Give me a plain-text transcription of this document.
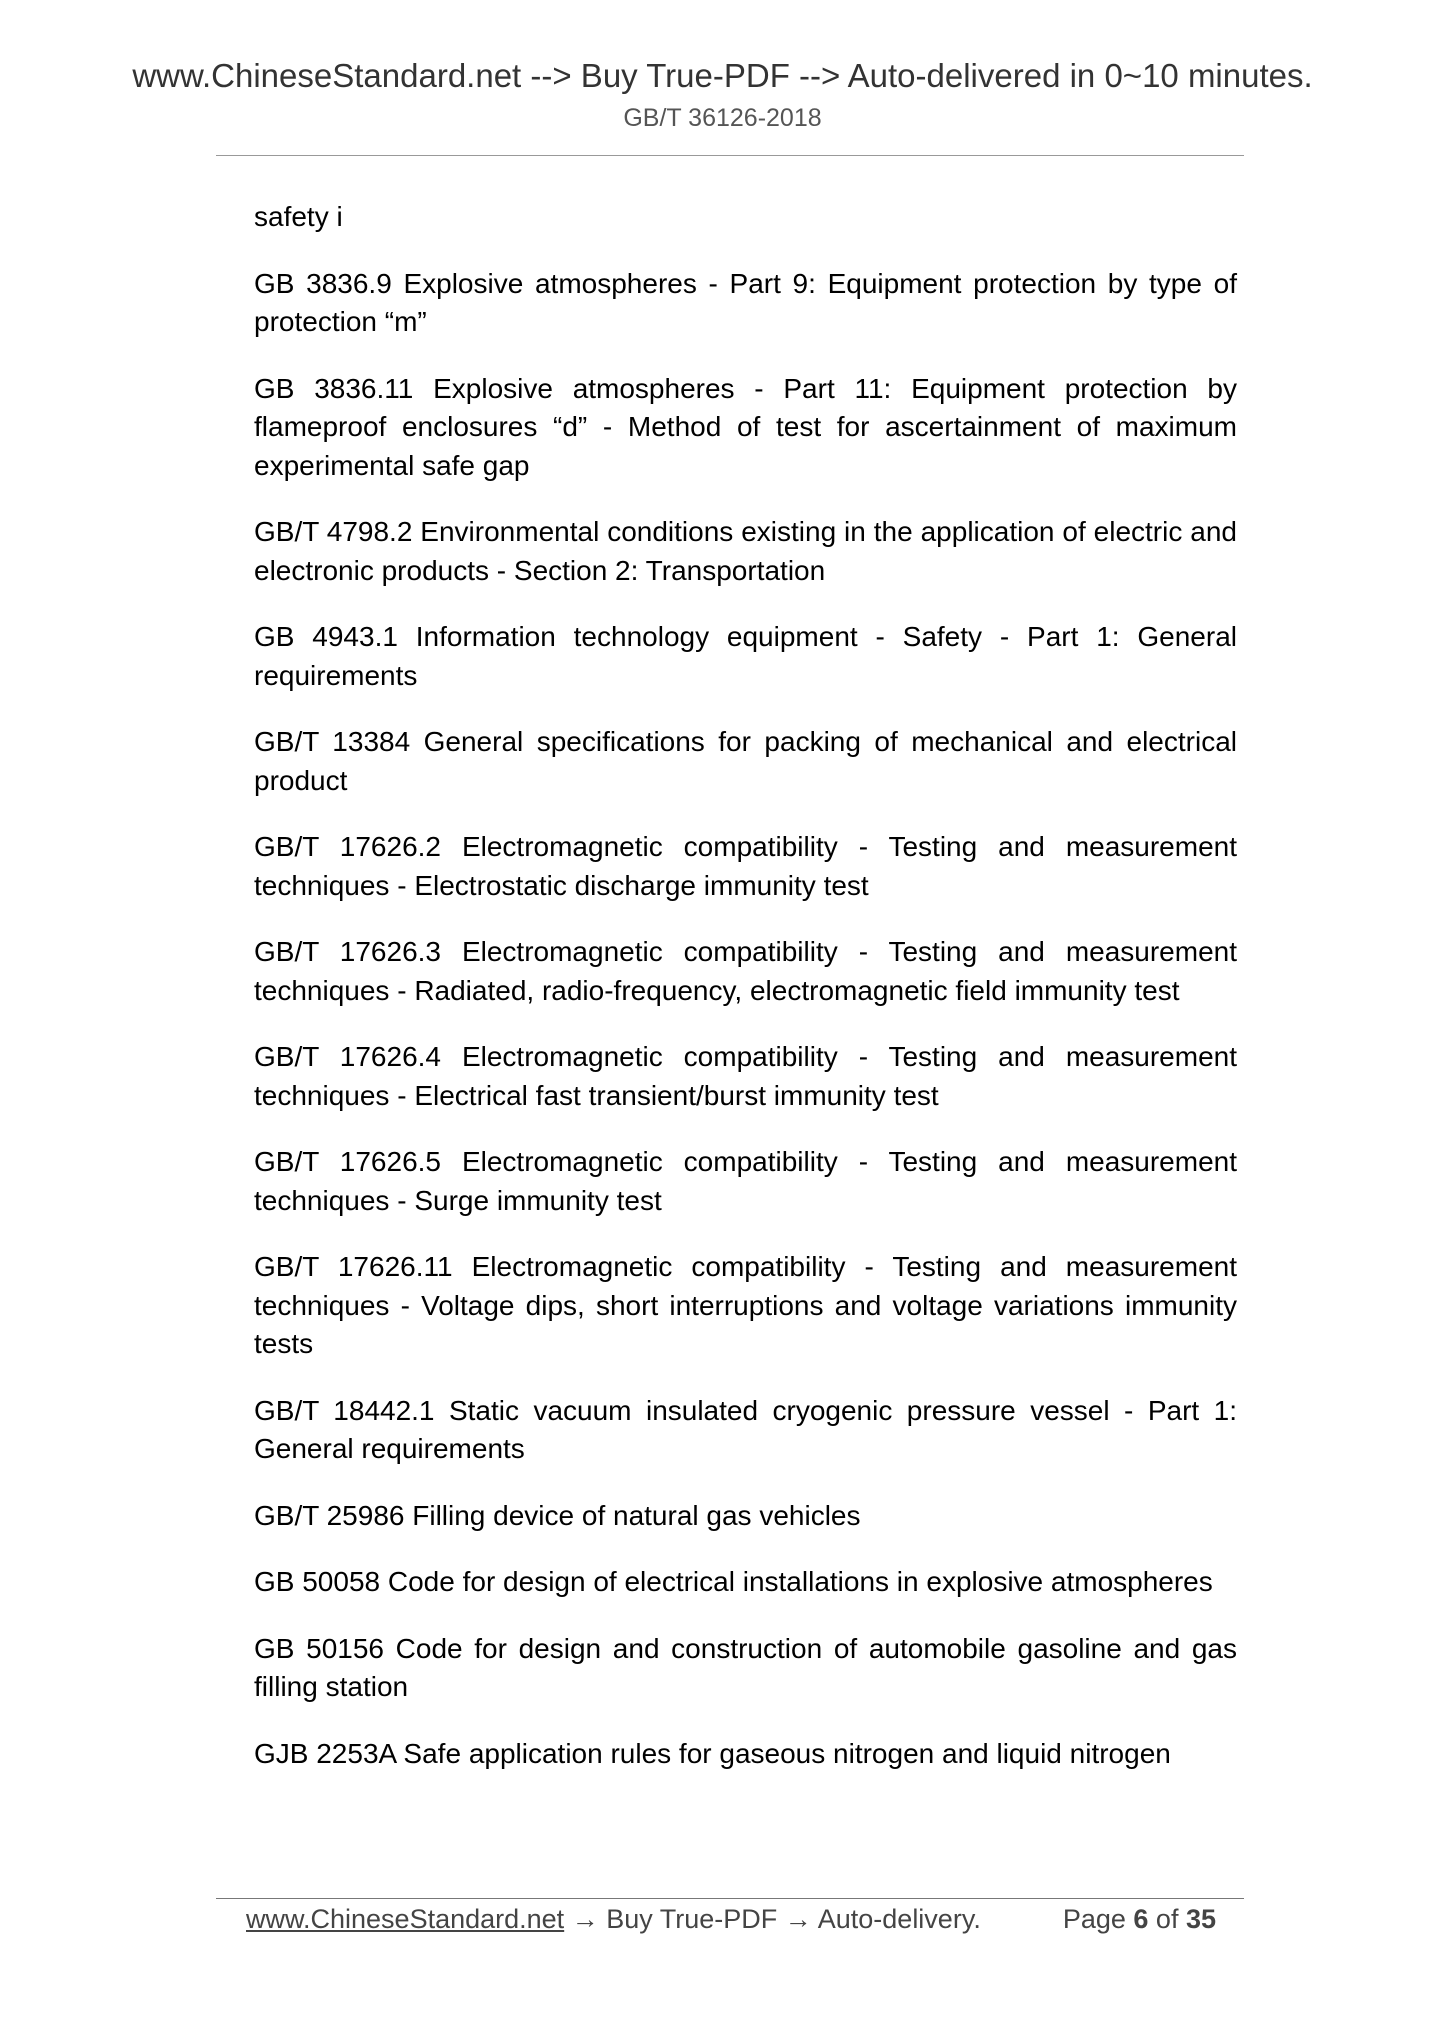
www.ChineseStandard.net --> Buy True-PDF --> Auto-delivered in 0~10 minutes.

GB/T 36126-2018

safety i

GB 3836.9 Explosive atmospheres - Part 9: Equipment protection by type of protection “m”

GB 3836.11 Explosive atmospheres - Part 11: Equipment protection by flameproof enclosures “d” - Method of test for ascertainment of maximum experimental safe gap

GB/T 4798.2 Environmental conditions existing in the application of electric and electronic products - Section 2: Transportation

GB 4943.1 Information technology equipment - Safety - Part 1: General requirements

GB/T 13384 General specifications for packing of mechanical and electrical product

GB/T 17626.2 Electromagnetic compatibility - Testing and measurement techniques - Electrostatic discharge immunity test

GB/T 17626.3 Electromagnetic compatibility - Testing and measurement techniques - Radiated, radio-frequency, electromagnetic field immunity test

GB/T 17626.4 Electromagnetic compatibility - Testing and measurement techniques - Electrical fast transient/burst immunity test

GB/T 17626.5 Electromagnetic compatibility - Testing and measurement techniques - Surge immunity test

GB/T 17626.11 Electromagnetic compatibility - Testing and measurement techniques - Voltage dips, short interruptions and voltage variations immunity tests

GB/T 18442.1 Static vacuum insulated cryogenic pressure vessel - Part 1: General requirements

GB/T 25986 Filling device of natural gas vehicles

GB 50058 Code for design of electrical installations in explosive atmospheres

GB 50156 Code for design and construction of automobile gasoline and gas filling station

GJB 2253A Safe application rules for gaseous nitrogen and liquid nitrogen

www.ChineseStandard.net → Buy True-PDF → Auto-delivery.	Page 6 of 35
